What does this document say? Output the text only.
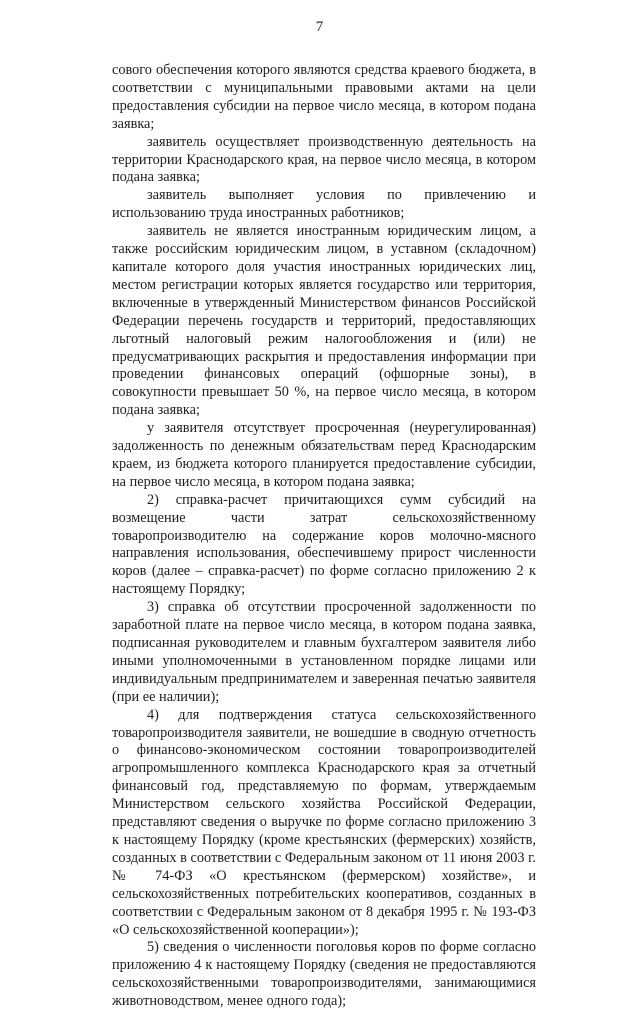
7

сового обеспечения которого являются средства краевого бюджета, в соответствии с муниципальными правовыми актами на цели предоставления субсидии на первое число месяца, в котором подана заявка;

заявитель осуществляет производственную деятельность на территории Краснодарского края, на первое число месяца, в котором подана заявка;

заявитель выполняет условия по привлечению и использованию труда иностранных работников;

заявитель не является иностранным юридическим лицом, а также российским юридическим лицом, в уставном (складочном) капитале которого доля участия иностранных юридических лиц, местом регистрации которых является государство или территория, включенные в утвержденный Министерством финансов Российской Федерации перечень государств и территорий, предоставляющих льготный налоговый режим налогообложения и (или) не предусматривающих раскрытия и предоставления информации при проведении финансовых операций (офшорные зоны), в совокупности превышает 50 %, на первое число месяца, в котором подана заявка;

у заявителя отсутствует просроченная (неурегулированная) задолженность по денежным обязательствам перед Краснодарским краем, из бюджета которого планируется предоставление субсидии, на первое число месяца, в котором подана заявка;

2) справка-расчет причитающихся сумм субсидий на возмещение части затрат сельскохозяйственному товаропроизводителю на содержание коров молочно-мясного направления использования, обеспечившему прирост численности коров (далее – справка-расчет) по форме согласно приложению 2 к настоящему Порядку;

3) справка об отсутствии просроченной задолженности по заработной плате на первое число месяца, в котором подана заявка, подписанная руководителем и главным бухгалтером заявителя либо иными уполномоченными в установленном порядке лицами или индивидуальным предпринимателем и заверенная печатью заявителя (при ее наличии);

4) для подтверждения статуса сельскохозяйственного товаропроизводителя заявители, не вошедшие в сводную отчетность о финансово-экономическом состоянии товаропроизводителей агропромышленного комплекса Краснодарского края за отчетный финансовый год, представляемую по формам, утверждаемым Министерством сельского хозяйства Российской Федерации, представляют сведения о выручке по форме согласно приложению 3 к настоящему Порядку (кроме крестьянских (фермерских) хозяйств, созданных в соответствии с Федеральным законом от 11 июня 2003 г. № 74-ФЗ «О крестьянском (фермерском) хозяйстве», и сельскохозяйственных потребительских кооперативов, созданных в соответствии с Федеральным законом от 8 декабря 1995 г. № 193-ФЗ «О сельскохозяйственной кооперации»);

5) сведения о численности поголовья коров по форме согласно приложению 4 к настоящему Порядку (сведения не предоставляются сельскохозяйственными товаропроизводителями, занимающимися животноводством, менее одного года);
